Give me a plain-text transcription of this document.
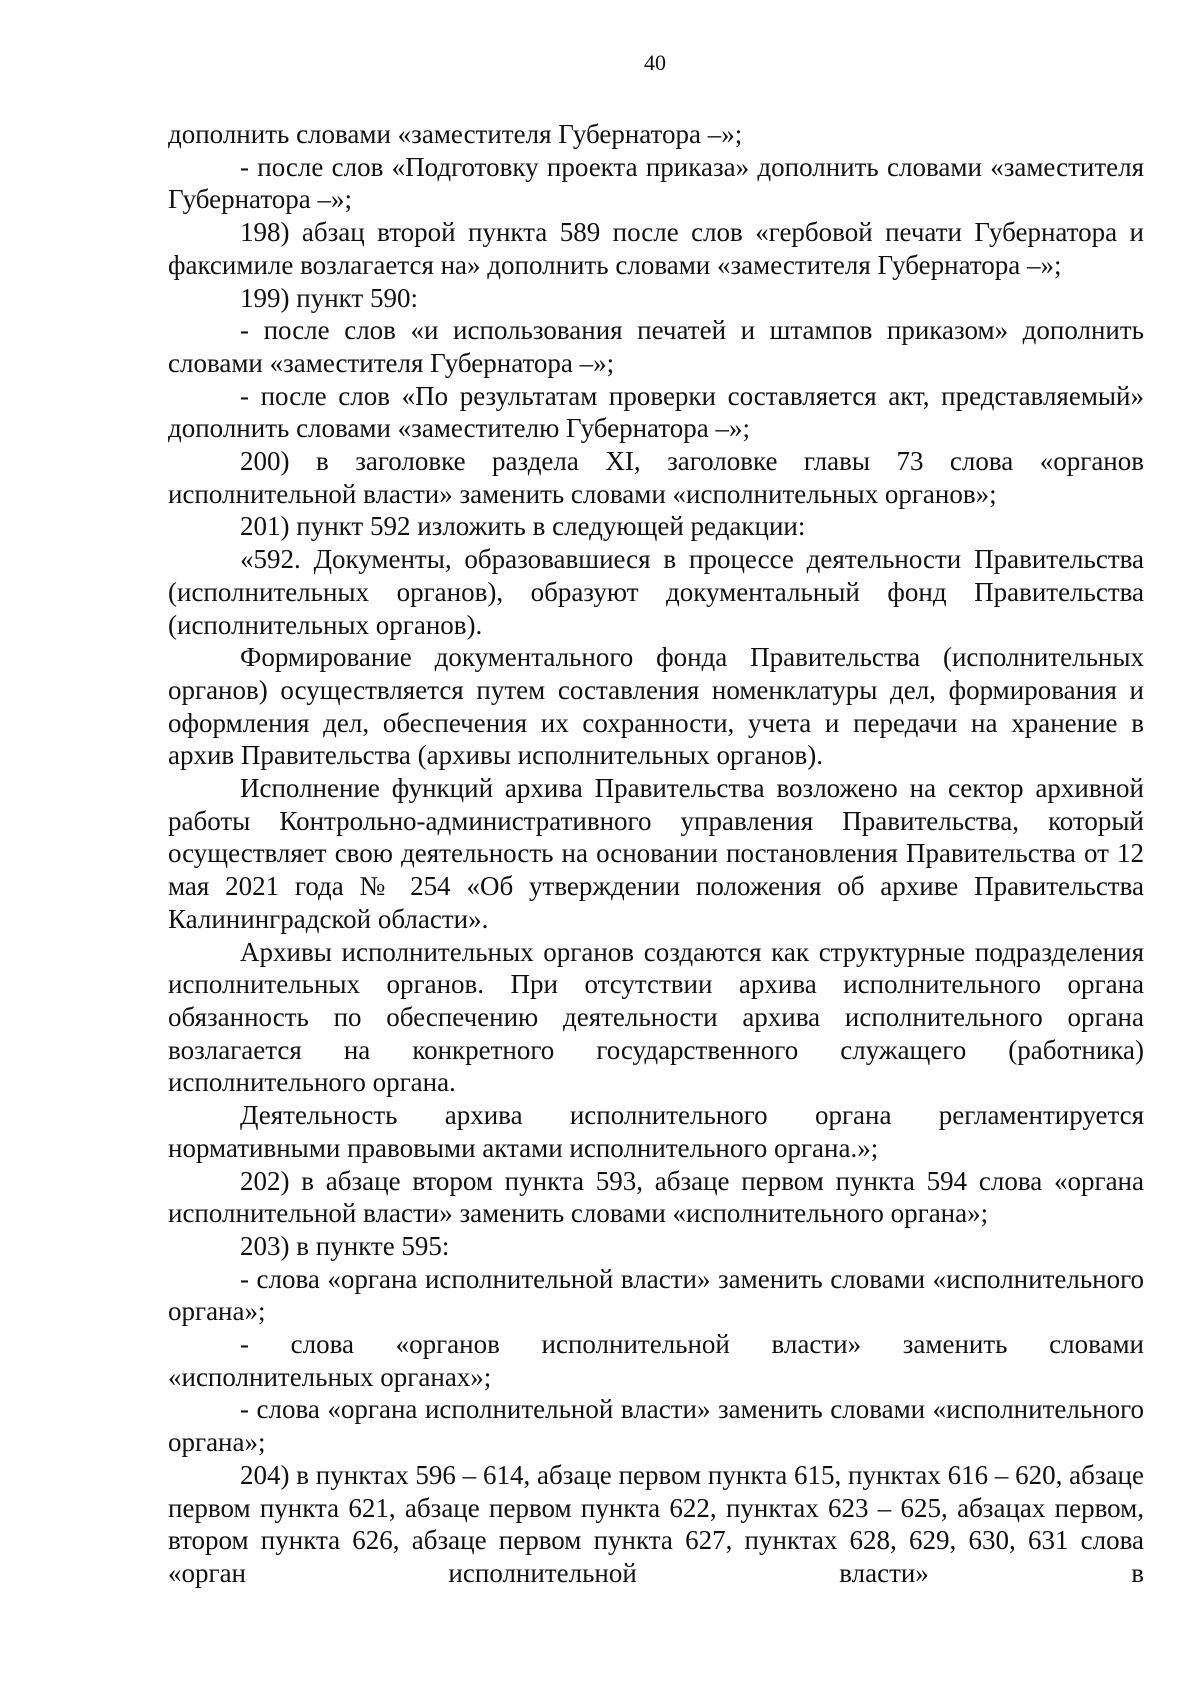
40

дополнить словами «заместителя Губернатора –»;

- после слов «Подготовку проекта приказа» дополнить словами «заместителя Губернатора –»;

198) абзац второй пункта 589 после слов «гербовой печати Губернатора и факсимиле возлагается на» дополнить словами «заместителя Губернатора –»;

199) пункт 590:

- после слов «и использования печатей и штампов приказом» дополнить словами «заместителя Губернатора –»;

- после слов «По результатам проверки составляется акт, представляемый» дополнить словами «заместителю Губернатора –»;

200) в заголовке раздела XI, заголовке главы 73 слова «органов исполнительной власти» заменить словами «исполнительных органов»;

201) пункт 592 изложить в следующей редакции:

«592. Документы, образовавшиеся в процессе деятельности Правительства (исполнительных органов), образуют документальный фонд Правительства (исполнительных органов).

Формирование документального фонда Правительства (исполнительных органов) осуществляется путем составления номенклатуры дел, формирования и оформления дел, обеспечения их сохранности, учета и передачи на хранение в архив Правительства (архивы исполнительных органов).

Исполнение функций архива Правительства возложено на сектор архивной работы Контрольно-административного управления Правительства, который осуществляет свою деятельность на основании постановления Правительства от 12 мая 2021 года № 254 «Об утверждении положения об архиве Правительства Калининградской области».

Архивы исполнительных органов создаются как структурные подразделения исполнительных органов. При отсутствии архива исполнительного органа обязанность по обеспечению деятельности архива исполнительного органа возлагается на конкретного государственного служащего (работника) исполнительного органа.

Деятельность архива исполнительного органа регламентируется нормативными правовыми актами исполнительного органа.»;

202) в абзаце втором пункта 593, абзаце первом пункта 594 слова «органа исполнительной власти» заменить словами «исполнительного органа»;

203) в пункте 595:

- слова «органа исполнительной власти» заменить словами «исполнительного органа»;

- слова «органов исполнительной власти» заменить словами «исполнительных органах»;

- слова «органа исполнительной власти» заменить словами «исполнительного органа»;

204) в пунктах 596 – 614, абзаце первом пункта 615, пунктах 616 – 620, абзаце первом пункта 621, абзаце первом пункта 622, пунктах 623 – 625, абзацах первом, втором пункта 626, абзаце первом пункта 627, пунктах 628, 629, 630, 631 слова «орган исполнительной власти» в
